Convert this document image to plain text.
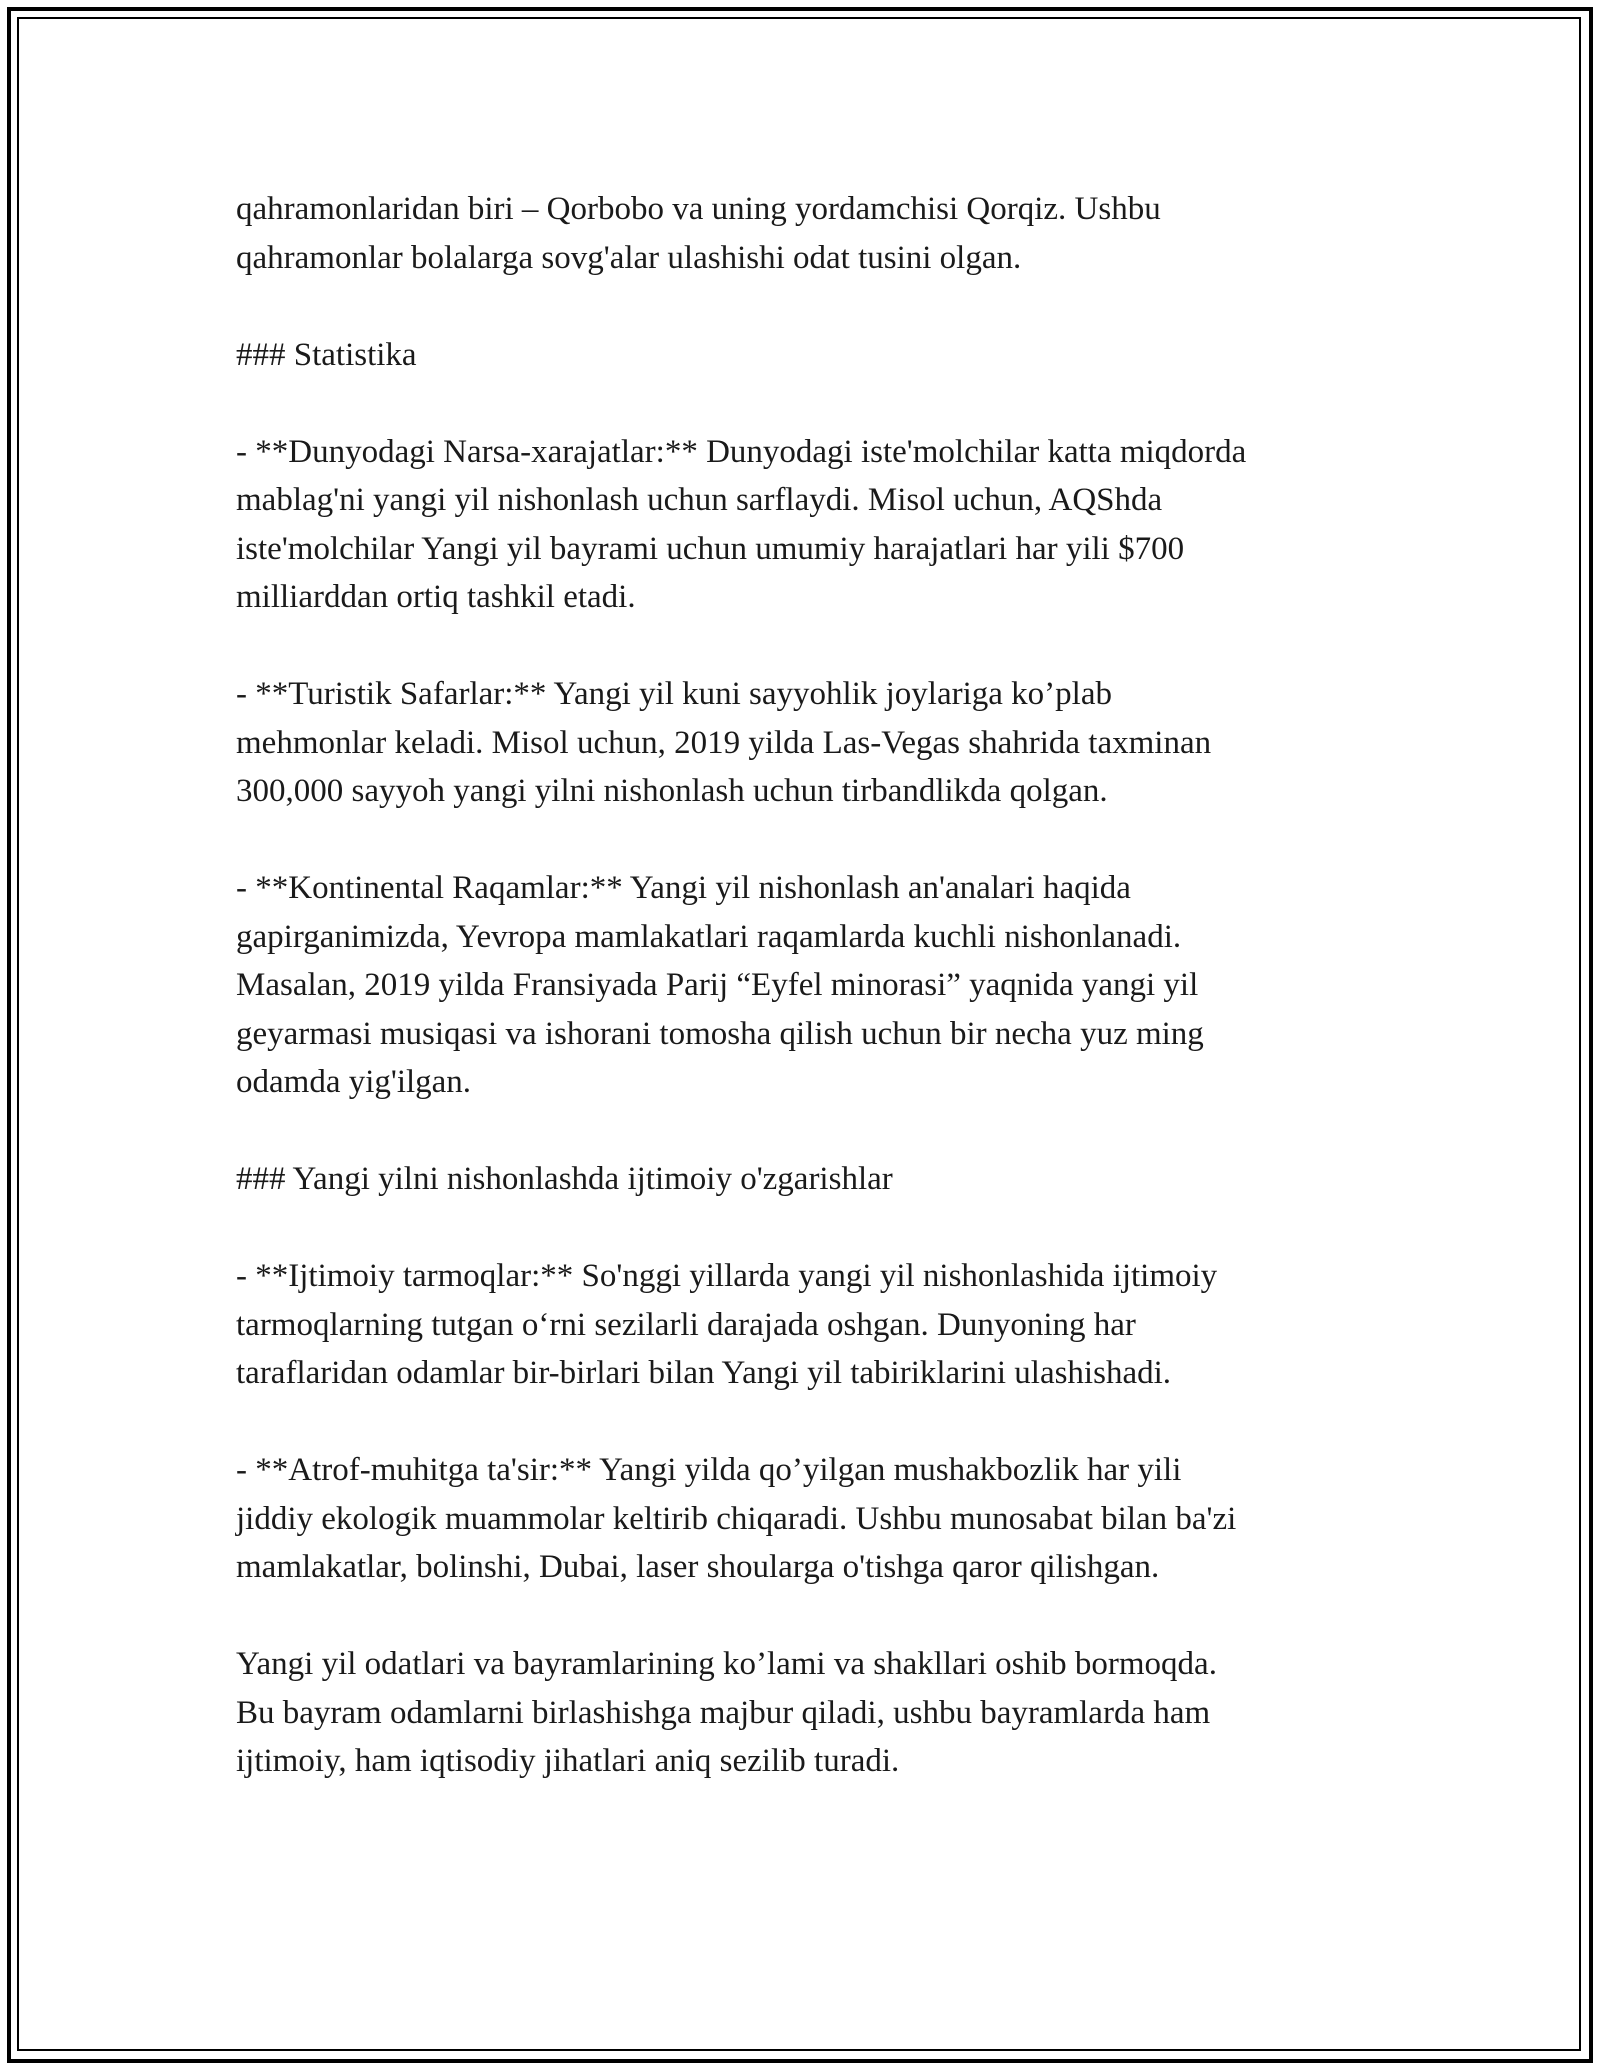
qahramonlaridan biri – Qorbobo va uning yordamchisi Qorqiz. Ushbu
qahramonlar bolalarga sovg'alar ulashishi odat tusini olgan.

### Statistika

- **Dunyodagi Narsa-xarajatlar:** Dunyodagi iste'molchilar katta miqdorda
mablag'ni yangi yil nishonlash uchun sarflaydi. Misol uchun, AQShda
iste'molchilar Yangi yil bayrami uchun umumiy harajatlari har yili $700
milliarddan ortiq tashkil etadi.

- **Turistik Safarlar:** Yangi yil kuni sayyohlik joylariga ko’plab
mehmonlar keladi. Misol uchun, 2019 yilda Las-Vegas shahrida taxminan
300,000 sayyoh yangi yilni nishonlash uchun tirbandlikda qolgan.

- **Kontinental Raqamlar:** Yangi yil nishonlash an'analari haqida
gapirganimizda, Yevropa mamlakatlari raqamlarda kuchli nishonlanadi.
Masalan, 2019 yilda Fransiyada Parij “Eyfel minorasi” yaqnida yangi yil
geyarmasi musiqasi va ishorani tomosha qilish uchun bir necha yuz ming
odamda yig'ilgan.

### Yangi yilni nishonlashda ijtimoiy o'zgarishlar

- **Ijtimoiy tarmoqlar:** So'nggi yillarda yangi yil nishonlashida ijtimoiy
tarmoqlarning tutgan o‘rni sezilarli darajada oshgan. Dunyoning har
taraflaridan odamlar bir-birlari bilan Yangi yil tabiriklarini ulashishadi.

- **Atrof-muhitga ta'sir:** Yangi yilda qo’yilgan mushakbozlik har yili
jiddiy ekologik muammolar keltirib chiqaradi. Ushbu munosabat bilan ba'zi
mamlakatlar, bolinshi, Dubai, laser shoularga o'tishga qaror qilishgan.

Yangi yil odatlari va bayramlarining ko’lami va shakllari oshib bormoqda.
Bu bayram odamlarni birlashishga majbur qiladi, ushbu bayramlarda ham
ijtimoiy, ham iqtisodiy jihatlari aniq sezilib turadi.
